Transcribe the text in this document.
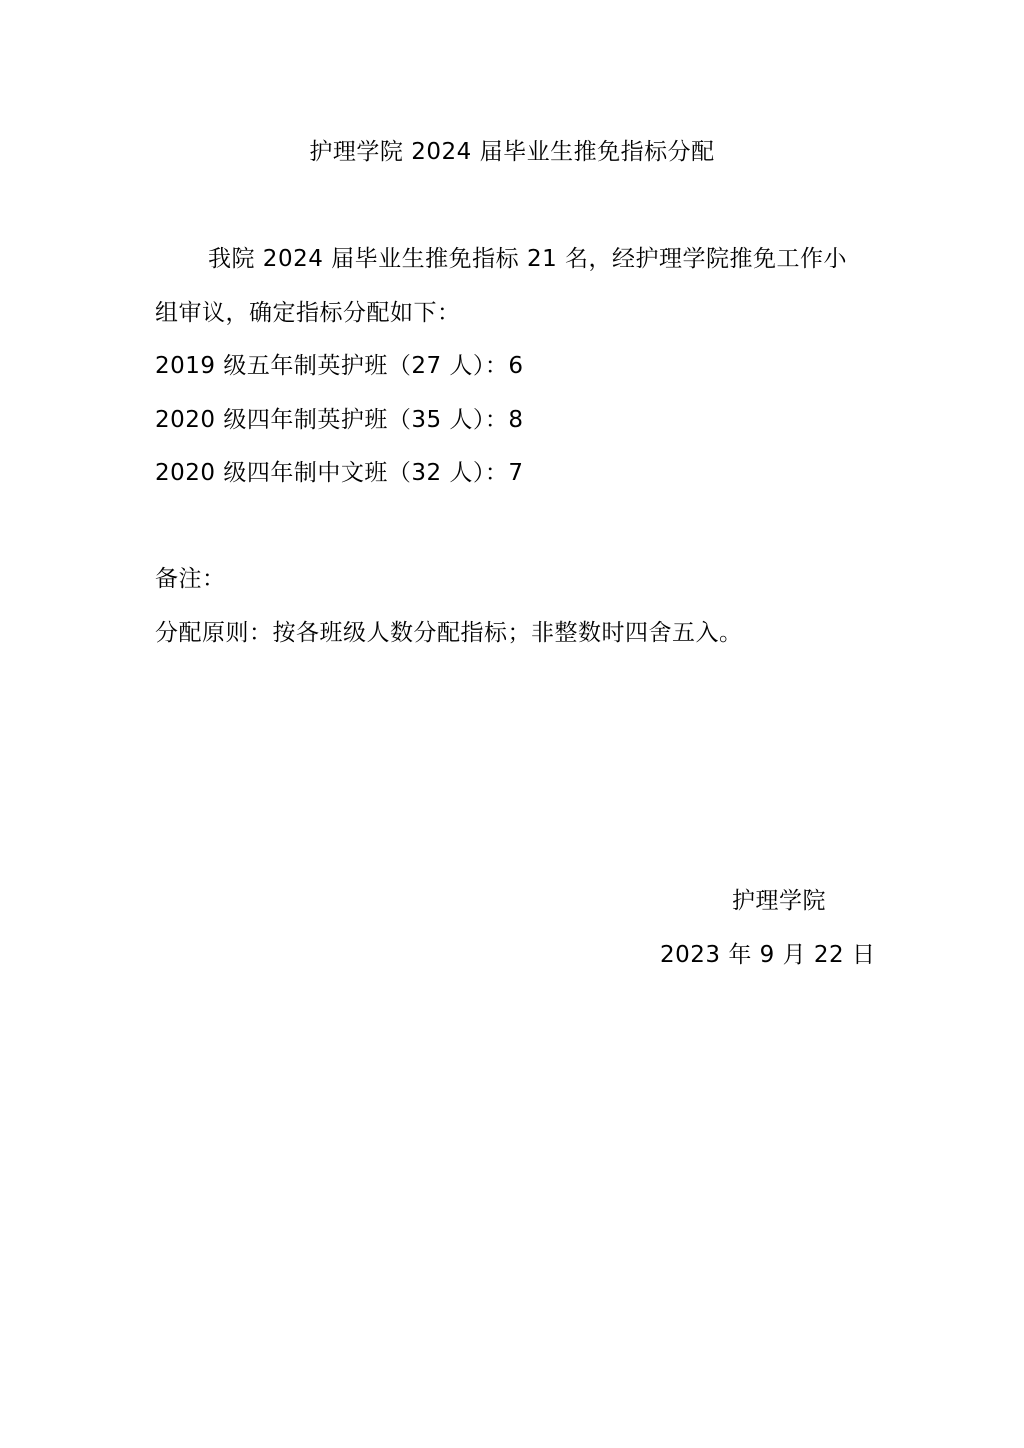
护理学院 2024 届毕业生推免指标分配
我院 2024 届毕业生推免指标 21 名，经护理学院推免工作小
组审议，确定指标分配如下：
2019 级五年制英护班（27 人）：6
2020 级四年制英护班（35 人）：8
2020 级四年制中文班（32 人）：7
备注：
分配原则：按各班级人数分配指标；非整数时四舍五入。
护理学院
2023 年 9 月 22 日
